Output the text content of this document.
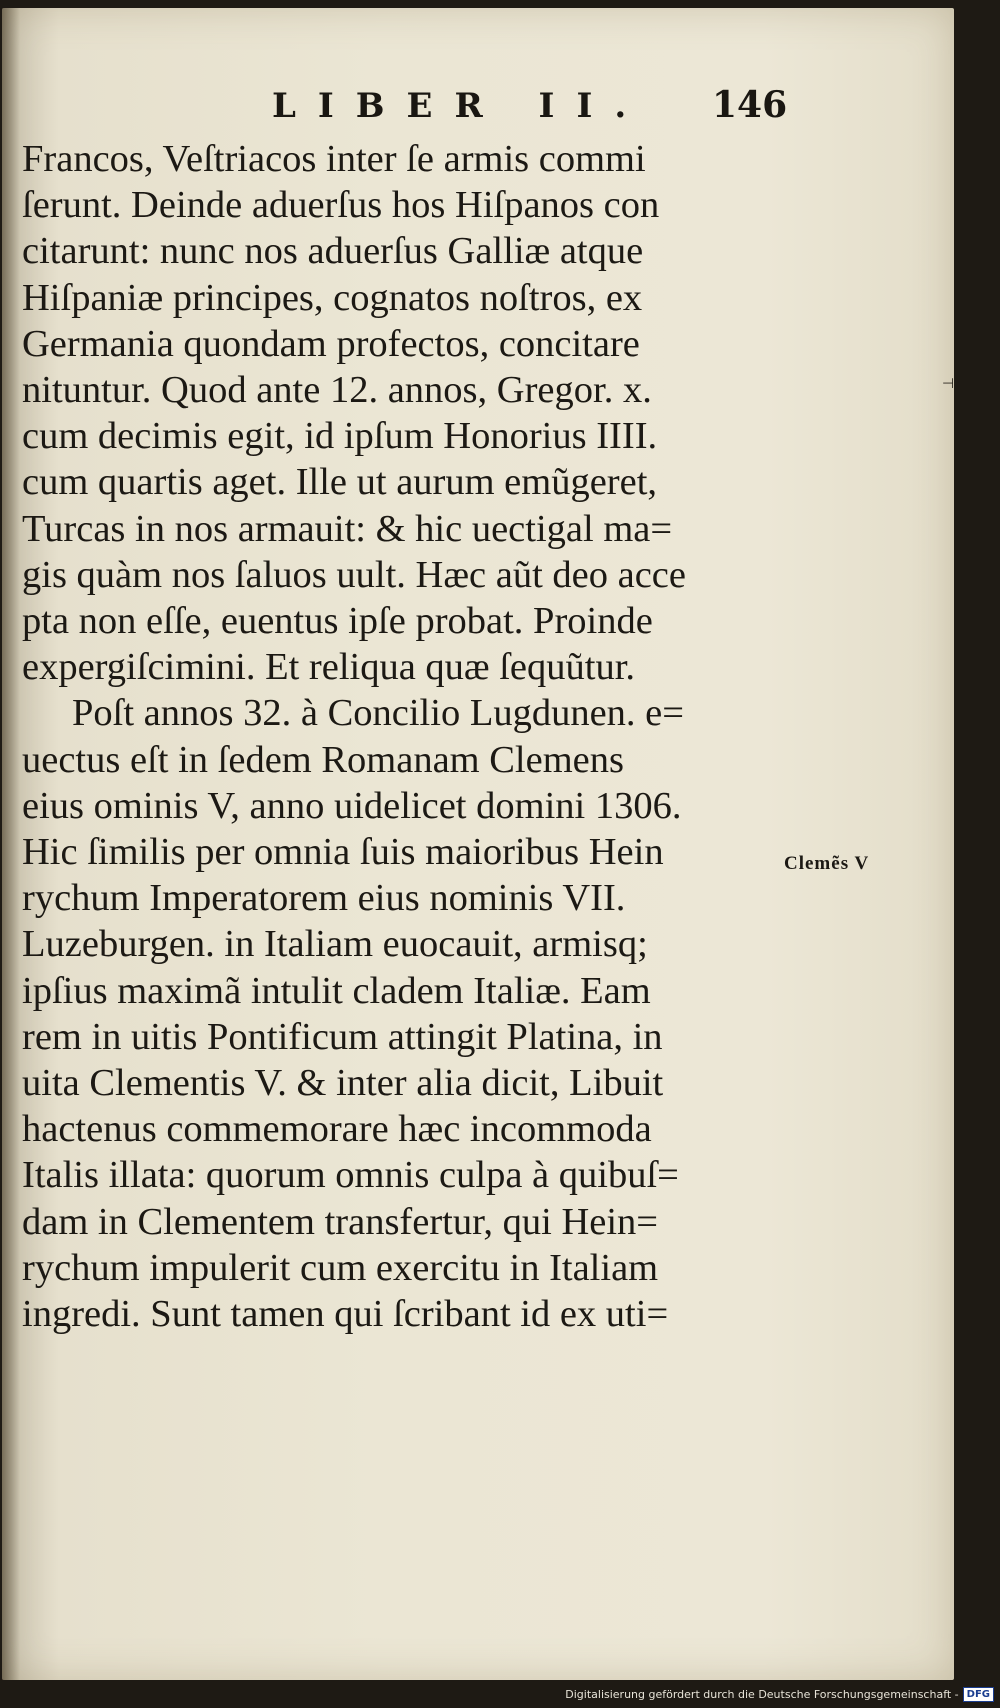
LIBER II. 146
Francos, Veſtriacos inter ſe armis commi
ſerunt. Deinde aduerſus hos Hiſpanos con
citarunt: nunc nos aduerſus Galliæ atque
Hiſpaniæ principes, cognatos noſtros, ex
Germania quondam profectos, concitare
nituntur. Quod ante 12. annos, Gregor. x.
cum decimis egit, id ipſum Honorius IIII.
cum quartis aget. Ille ut aurum emũgeret,
Turcas in nos armauit: & hic uectigal ma=
gis quàm nos ſaluos uult. Hæc aũt deo acce
pta non eſſe, euentus ipſe probat. Proinde
expergiſcimini. Et reliqua quæ ſequũtur.
Poſt annos 32. à Concilio Lugdunen. e=
uectus eſt in ſedem Romanam Clemens
eius ominis V, anno uidelicet domini 1306.
Hic ſimilis per omnia ſuis maioribus Hein
rychum Imperatorem eius nominis VII.
Luzeburgen. in Italiam euocauit, armisq;
ipſius maximã intulit cladem Italiæ. Eam
rem in uitis Pontificum attingit Platina, in
uita Clementis V. & inter alia dicit, Libuit
hactenus commemorare hæc incommoda
Italis illata: quorum omnis culpa à quibuſ=
dam in Clementem transfertur, qui Hein=
rychum impulerit cum exercitu in Italiam
ingredi. Sunt tamen qui ſcribant id ex uti=
Clemẽs V
⊣
Digitalisierung gefördert durch die Deutsche Forschungsgemeinschaft - DFG
